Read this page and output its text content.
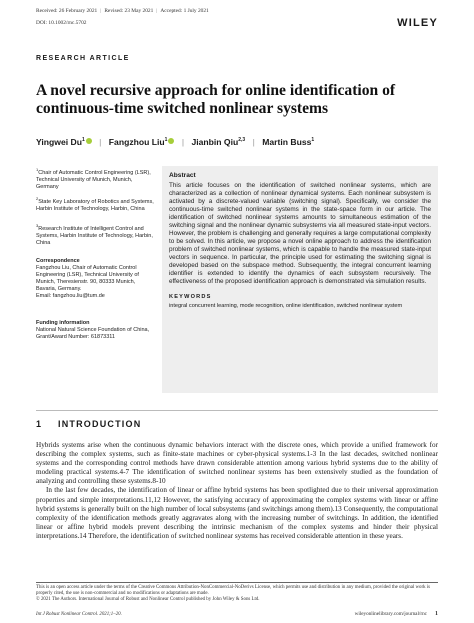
Received: 26 February 2021 | Revised: 23 May 2021 | Accepted: 1 July 2021
DOI: 10.1002/rnc.5702	WILEY
RESEARCH ARTICLE
A novel recursive approach for online identification of continuous-time switched nonlinear systems
Yingwei Du$^1$ | Fangzhou Liu$^1$ | Jianbin Qiu$^{2,3}$ | Martin Buss$^1$
$^1$Chair of Automatic Control Engineering (LSR), Technical University of Munich, Munich, Germany
$^2$State Key Laboratory of Robotics and Systems, Harbin Institute of Technology, Harbin, China
$^3$Research Institute of Intelligent Control and Systems, Harbin Institute of Technology, Harbin, China
Correspondence
Fangzhou Liu, Chair of Automatic Control Engineering (LSR), Technical University of Munich, Theresienstr. 90, 80333 Munich, Bavaria, Germany.
Email: fangzhou.liu@tum.de
Funding information
National Natural Science Foundation of China, Grant/Award Number: 61873311
Abstract
This article focuses on the identification of switched nonlinear systems, which are characterized as a collection of nonlinear dynamical systems. Each nonlinear subsystem is activated by a discrete-valued variable (switching signal). Specifically, we consider the continuous-time switched nonlinear systems in the state-space form in our article. The identification of switched nonlinear systems amounts to simultaneous estimation of the switching signal and the nonlinear dynamic subsystems via all measured state-input vectors. However, the problem is challenging and generally requires a large computational complexity to be solved. In this article, we propose a novel online approach to address the identification problem of switched nonlinear systems, which is capable to handle the measured state-input vectors in sequence. In particular, the principle used for estimating the switching signal is developed based on the subspace method. Subsequently, the integral concurrent learning identifier is extended to identify the dynamics of each subsystem recursively. The effectiveness of the proposed identification approach is demonstrated via simulation results.
KEYWORDS
integral concurrent learning, mode recognition, online identification, switched nonlinear system
1 INTRODUCTION

Hybrids systems arise when the continuous dynamic behaviors interact with the discrete ones, which provide a unified framework for describing the complex systems, such as finite-state machines or cyber-physical systems.1-3 In the last decades, switched nonlinear systems and the corresponding control methods have drawn considerable attention among various hybrid systems due to the ability of modeling practical systems.4-7 The identification of switched nonlinear systems has been extensively studied as the foundation of analyzing and controlling these systems.8-10

In the last few decades, the identification of linear or affine hybrid systems has been spotlighted due to their universal approximation properties and simple interpretations.11,12 However, the satisfying accuracy of approximating the complex systems with linear or affine hybrid systems is generally built on the high number of local subsystems (and switchings among them).13 Consequently, the computational complexity of the identification methods greatly aggravates along with the increasing number of switchings. In addition, the identified linear or affine hybrid models prevent describing the intrinsic mechanism of the complex systems and hinder their physical interpretations.14 Therefore, the identification of switched nonlinear systems has received considerable attention in these years.

This is an open access article under the terms of the Creative Commons Attribution-NonCommercial-NoDerivs License, which permits use and distribution in any medium, provided the original work is properly cited, the use is non-commercial and no modifications or adaptations are made.
© 2021 The Authors. International Journal of Robust and Nonlinear Control published by John Wiley & Sons Ltd.
Int J Robust Nonlinear Control. 2021;1–20.	wileyonlinelibrary.com/journal/rnc 1
